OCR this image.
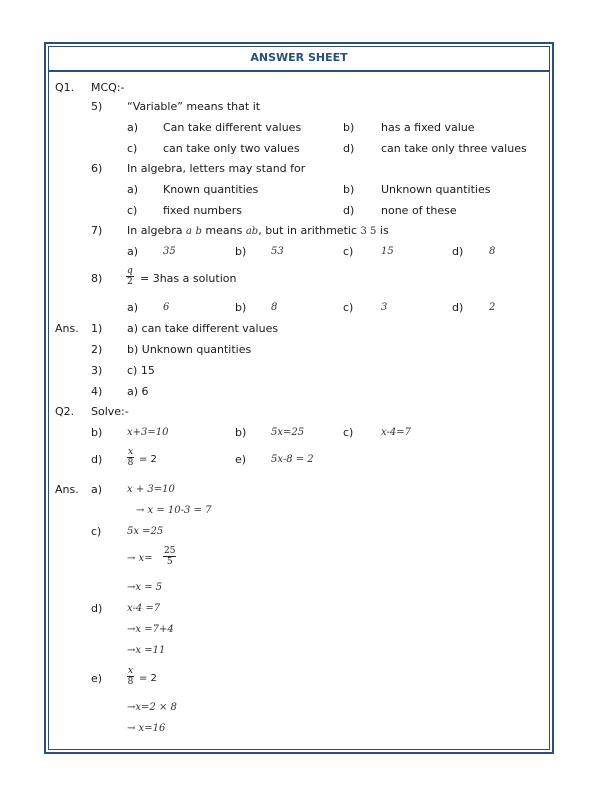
ANSWER SHEET
Q1. MCQ:-
5) “Variable” means that it
a) Can take different values	b) has a fixed value
c) can take only two values	d) can take only three values
6) In algebra, letters may stand for
a) Known quantities	b) Unknown quantities
c) fixed numbers	d) none of these
7) In algebra a b means ab, but in arithmetic 3 5 is
a) 35	b) 53	c)	15	d)	8
8)	$\frac{q}{2} = 3has$ a solution
a) 6	b) 8	c)	3	d)	2
Ans. 1) a) can take different values
2) b) Unknown quantities
3) c) 15
4) a) 6
Q2. Solve:-
b) x+3=10	b) 5x=25	c)	x-4=7
d)	$\frac{x}{8} = 2$	e) 5x-8 = 2
Ans. a) x + 3=10
→ x = 10-3 = 7
c)	5x =25
→ $x= \frac{25}{5}$
→x = 5
d) x-4 =7
→x =7+4
→x =11
e)	$\frac{x}{8} = 2$
→x=2 × 8
→ x=16
